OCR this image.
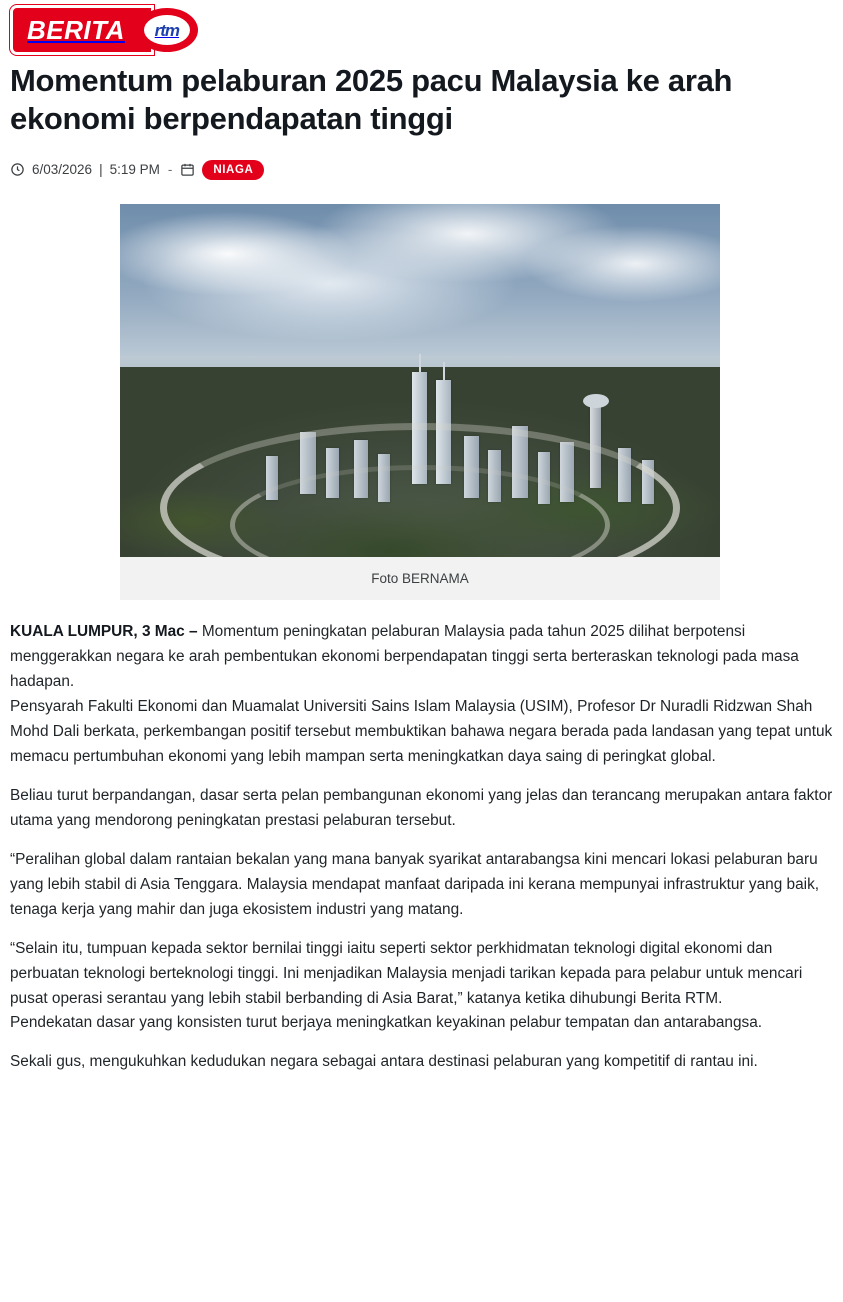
BERITA	rtm
Momentum pelaburan 2025 pacu Malaysia ke arah ekonomi berpendapatan tinggi
6/03/2026 | 5:19 PM -	NIAGA
Foto BERNAMA

KUALA LUMPUR, 3 Mac – Momentum peningkatan pelaburan Malaysia pada tahun 2025 dilihat berpotensi menggerakkan negara ke arah pembentukan ekonomi berpendapatan tinggi serta berteraskan teknologi pada masa hadapan.

Pensyarah Fakulti Ekonomi dan Muamalat Universiti Sains Islam Malaysia (USIM), Profesor Dr Nuradli Ridzwan Shah Mohd Dali berkata, perkembangan positif tersebut membuktikan bahawa negara berada pada landasan yang tepat untuk memacu pertumbuhan ekonomi yang lebih mampan serta meningkatkan daya saing di peringkat global.

Beliau turut berpandangan, dasar serta pelan pembangunan ekonomi yang jelas dan terancang merupakan antara faktor utama yang mendorong peningkatan prestasi pelaburan tersebut.

“Peralihan global dalam rantaian bekalan yang mana banyak syarikat antarabangsa kini mencari lokasi pelaburan baru yang lebih stabil di Asia Tenggara. Malaysia mendapat manfaat daripada ini kerana mempunyai infrastruktur yang baik, tenaga kerja yang mahir dan juga ekosistem industri yang matang.

“Selain itu, tumpuan kepada sektor bernilai tinggi iaitu seperti sektor perkhidmatan teknologi digital ekonomi dan perbuatan teknologi berteknologi tinggi. Ini menjadikan Malaysia menjadi tarikan kepada para pelabur untuk mencari pusat operasi serantau yang lebih stabil berbanding di Asia Barat,” katanya ketika dihubungi Berita RTM.

Pendekatan dasar yang konsisten turut berjaya meningkatkan keyakinan pelabur tempatan dan antarabangsa.

Sekali gus, mengukuhkan kedudukan negara sebagai antara destinasi pelaburan yang kompetitif di rantau ini.
